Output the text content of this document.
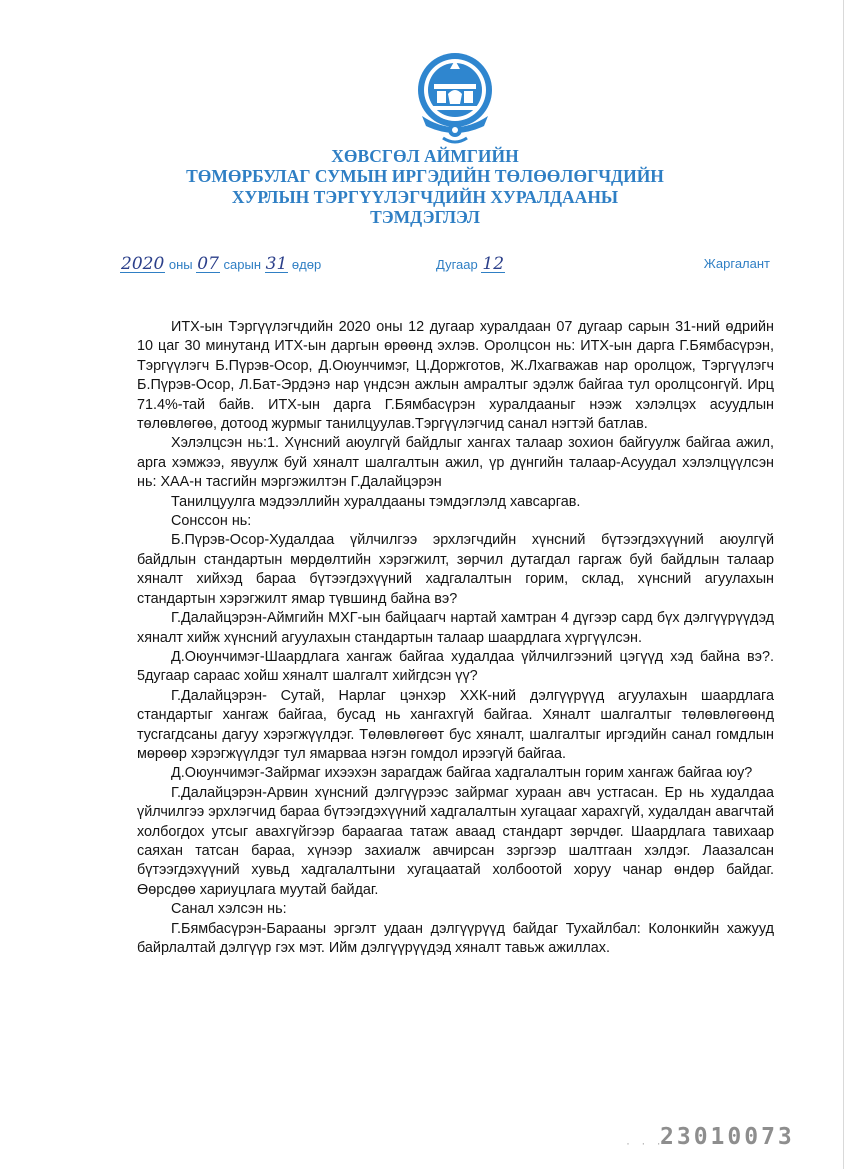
ХӨВСГӨЛ АЙМГИЙН
ТӨМӨРБУЛАГ СУМЫН ИРГЭДИЙН ТӨЛӨӨЛӨГЧДИЙН
ХУРЛЫН ТЭРГҮҮЛЭГЧДИЙН ХУРАЛДААНЫ
ТЭМДЭГЛЭЛ
2020 оны 07 сарын 31 өдөр	Дугаар 12	Жаргалант

ИТХ-ын Тэргүүлэгчдийн 2020 оны 12 дугаар хуралдаан 07 дугаар сарын 31-ний өдрийн 10 цаг 30 минутанд ИТХ-ын даргын өрөөнд эхлэв. Оролцсон нь: ИТХ-ын дарга Г.Бямбасүрэн, Тэргүүлэгч Б.Пүрэв-Осор, Д.Оюунчимэг, Ц.Доржготов, Ж.Лхагважав нар оролцож, Тэргүүлэгч Б.Пүрэв-Осор, Л.Бат-Эрдэнэ нар үндсэн ажлын амралтыг эдэлж байгаа тул оролцсонгүй. Ирц 71.4%-тай байв. ИТХ-ын дарга Г.Бямбасүрэн хуралдааныг нээж хэлэлцэх асуудлын төлөвлөгөө, дотоод журмыг танилцуулав.Тэргүүлэгчид санал нэгтэй батлав.

Хэлэлцсэн нь:1. Хүнсний аюулгүй байдлыг хангах талаар зохион байгуулж байгаа ажил, арга хэмжээ, явуулж буй хяналт шалгалтын ажил, үр дүнгийн талаар-Асуудал хэлэлцүүлсэн нь: ХАА-н тасгийн мэргэжилтэн Г.Далайцэрэн

Танилцуулга мэдээллийн хуралдааны тэмдэглэлд хавсаргав.

Сонссон нь:

Б.Пүрэв-Осор-Худалдаа үйлчилгээ эрхлэгчдийн хүнсний бүтээгдэхүүний аюулгүй байдлын стандартын мөрдөлтийн хэрэгжилт, зөрчил дутагдал гаргаж буй байдлын талаар хяналт хийхэд бараа бүтээгдэхүүний хадгалалтын горим, склад, хүнсний агуулахын стандартын хэрэгжилт ямар түвшинд байна вэ?

Г.Далайцэрэн-Аймгийн МХГ-ын байцаагч нартай хамтран 4 дүгээр сард бүх дэлгүүрүүдэд хяналт хийж хүнсний агуулахын стандартын талаар шаардлага хүргүүлсэн.

Д.Оюунчимэг-Шаардлага хангаж байгаа худалдаа үйлчилгээний цэгүүд хэд байна вэ?. 5дугаар сараас хойш хяналт шалгалт хийгдсэн үү?

Г.Далайцэрэн- Сутай, Нарлаг цэнхэр ХХК-ний дэлгүүрүүд агуулахын шаардлага стандартыг хангаж байгаа, бусад нь хангахгүй байгаа. Хяналт шалгалтыг төлөвлөгөөнд тусгагдсаны дагуу хэрэгжүүлдэг. Төлөвлөгөөт бус хяналт, шалгалтыг иргэдийн санал гомдлын мөрөөр хэрэгжүүлдэг тул ямарваа нэгэн гомдол ирээгүй байгаа.

Д.Оюунчимэг-Зайрмаг ихээхэн зарагдаж байгаа хадгалалтын горим хангаж байгаа юу?

Г.Далайцэрэн-Арвин хүнсний дэлгүүрээс зайрмаг хураан авч устгасан. Ер нь худалдаа үйлчилгээ эрхлэгчид бараа бүтээгдэхүүний хадгалалтын хугацааг харахгүй, худалдан авагчтай холбогдох утсыг авахгүйгээр бараагаа татаж аваад стандарт зөрчдөг. Шаардлага тавихаар саяхан татсан бараа, хүнээр захиалж авчирсан зэргээр шалтгаан хэлдэг. Лаазалсан бүтээгдэхүүний хувьд хадгалалтыни хугацаатай холбоотой хоруу чанар өндөр байдаг. Өөрсдөө хариуцлага муутай байдаг.

Санал хэлсэн нь:

Г.Бямбасүрэн-Барааны эргэлт удаан дэлгүүрүүд байдаг Тухайлбал: Колонкийн хажууд байрлалтай дэлгүүр гэх мэт. Ийм дэлгүүрүүдэд хяналт тавьж ажиллах.

· · ·
23010073
